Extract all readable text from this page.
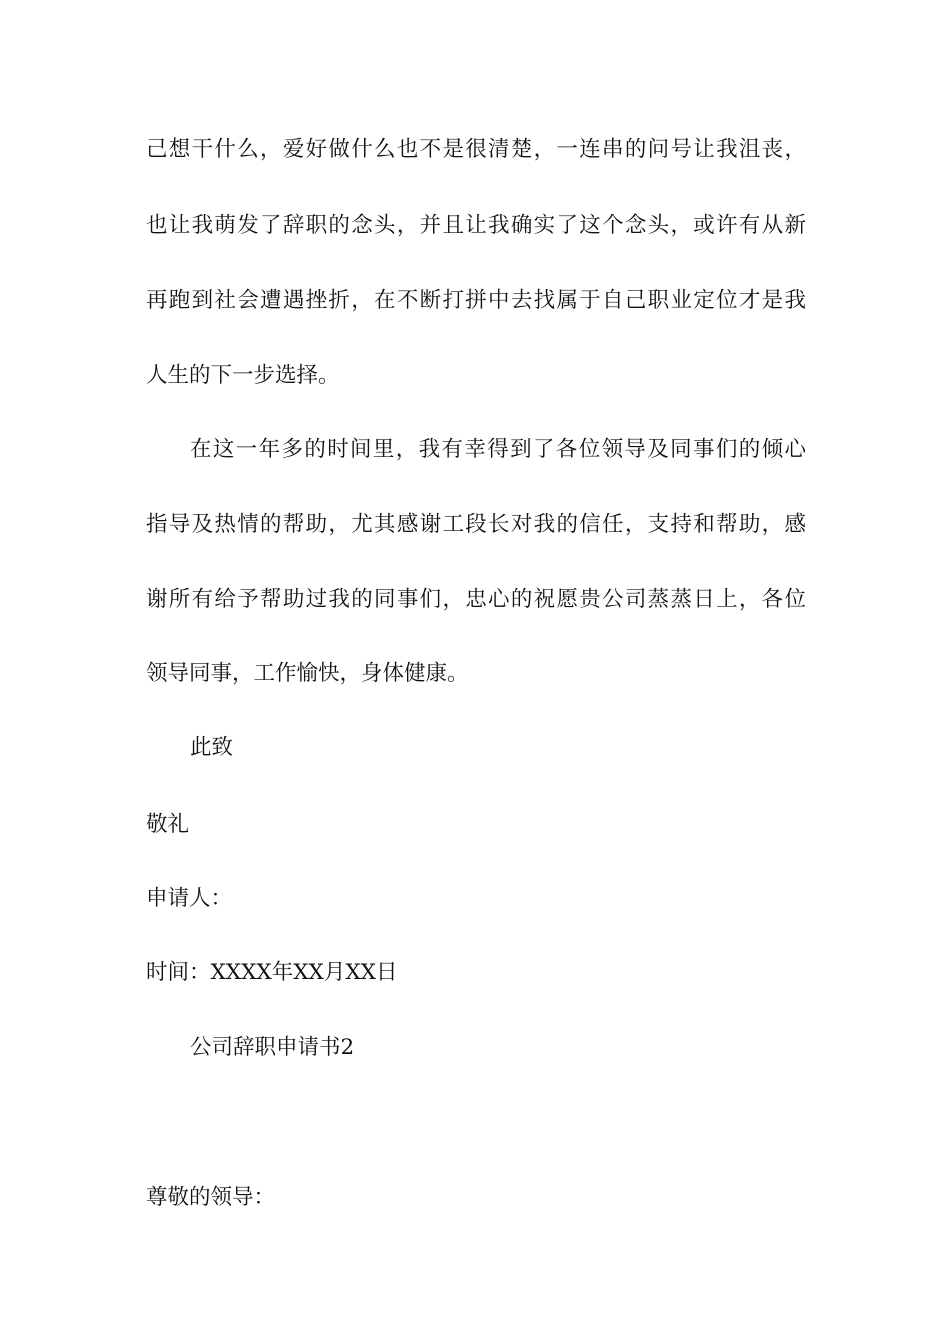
己想干什么，爱好做什么也不是很清楚，一连串的问号让我沮丧，
也让我萌发了辞职的念头，并且让我确实了这个念头，或许有从新
再跑到社会遭遇挫折，在不断打拼中去找属于自己职业定位才是我
人生的下一步选择。
在这一年多的时间里，我有幸得到了各位领导及同事们的倾心
指导及热情的帮助，尤其感谢工段长对我的信任，支持和帮助，感
谢所有给予帮助过我的同事们，忠心的祝愿贵公司蒸蒸日上，各位
领导同事，工作愉快，身体健康。
此致
敬礼
申请人：
时间：XXXX年XX月XX日
公司辞职申请书2
尊敬的领导：
